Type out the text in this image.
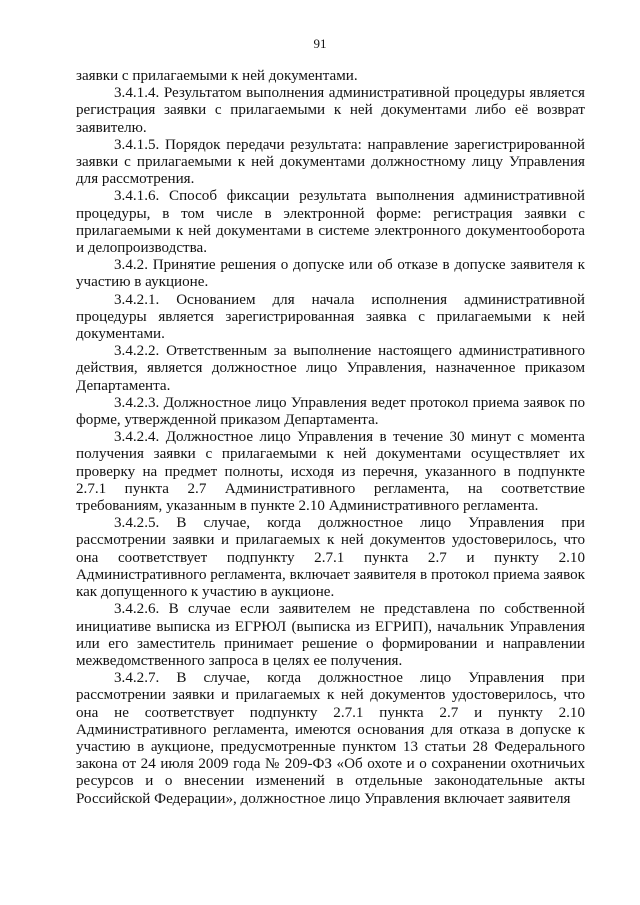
91

заявки с прилагаемыми к ней документами.

3.4.1.4. Результатом выполнения административной процедуры является регистрация заявки с прилагаемыми к ней документами либо её возврат заявителю.

3.4.1.5. Порядок передачи результата: направление зарегистрированной заявки с прилагаемыми к ней документами должностному лицу Управления для рассмотрения.

3.4.1.6. Способ фиксации результата выполнения административной процедуры, в том числе в электронной форме: регистрация заявки с прилагаемыми к ней документами в системе электронного документооборота и делопроизводства.

3.4.2. Принятие решения о допуске или об отказе в допуске заявителя к участию в аукционе.

3.4.2.1. Основанием для начала исполнения административной процедуры является зарегистрированная заявка с прилагаемыми к ней документами.

3.4.2.2. Ответственным за выполнение настоящего административного действия, является должностное лицо Управления, назначенное приказом Департамента.

3.4.2.3. Должностное лицо Управления ведет протокол приема заявок по форме, утвержденной приказом Департамента.

3.4.2.4. Должностное лицо Управления в течение 30 минут с момента получения заявки с прилагаемыми к ней документами осуществляет их проверку на предмет полноты, исходя из перечня, указанного в подпункте 2.7.1 пункта 2.7 Административного регламента, на соответствие требованиям, указанным в пункте 2.10 Административного регламента.

3.4.2.5. В случае, когда должностное лицо Управления при рассмотрении заявки и прилагаемых к ней документов удостоверилось, что она соответствует подпункту 2.7.1 пункта 2.7 и пункту 2.10 Административного регламента, включает заявителя в протокол приема заявок как допущенного к участию в аукционе.

3.4.2.6. В случае если заявителем не представлена по собственной инициативе выписка из ЕГРЮЛ (выписка из ЕГРИП), начальник Управления или его заместитель принимает решение о формировании и направлении межведомственного запроса в целях ее получения.

3.4.2.7. В случае, когда должностное лицо Управления при рассмотрении заявки и прилагаемых к ней документов удостоверилось, что она не соответствует подпункту 2.7.1 пункта 2.7 и пункту 2.10 Административного регламента, имеются основания для отказа в допуске к участию в аукционе, предусмотренные пунктом 13 статьи 28 Федерального закона от 24 июля 2009 года № 209-ФЗ «Об охоте и о сохранении охотничьих ресурсов и о внесении изменений в отдельные законодательные акты Российской Федерации», должностное лицо Управления включает заявителя
